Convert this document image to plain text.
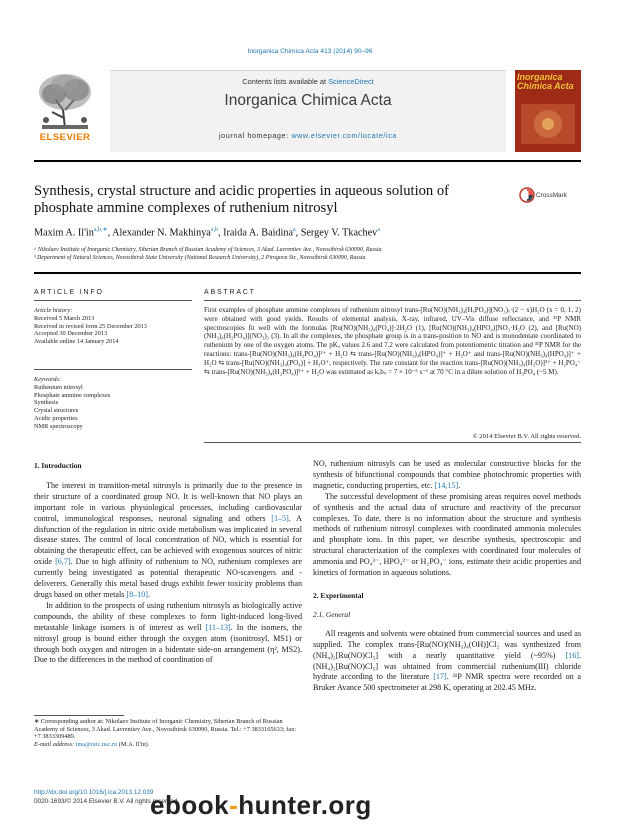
Inorganica Chimica Acta 413 (2014) 90–96
ELSEVIER
Contents lists available at ScienceDirect
Inorganica Chimica Acta
journal homepage: www.elsevier.com/locate/ica
Inorganica Chimica Acta
Synthesis, crystal structure and acidic properties in aqueous solution of phosphate ammine complexes of ruthenium nitrosyl
CrossMark
Maxim A. $Il'in^{a,b,∗}$, Alexander N. Makhinya$^{a,b}$, Iraida A. Baidina$^a$, Sergey V. Tkachev$^a$
ᵃ Nikolaev Institute of Inorganic Chemistry, Siberian Branch of Russian Academy of Sciences, 3 Akad. Lavrentiev Ave., Novosibirsk 630090, Russia
ᵇ Department of Natural Sciences, Novosibirsk State University (National Research University), 2 Pirogova Str., Novosibirsk 630090, Russia
ARTICLE INFO	ABSTRACT
Article history:
Received 5 March 2013
Received in revised form 25 December 2013
Accepted 30 December 2013
Available online 14 January 2014
Keywords:
Ruthenium nitrosyl
Phosphate ammine complexes
Synthesis
Crystal structures
Acidic properties
NMR spectroscopy
First examples of phosphate ammine complexes of ruthenium nitrosyl trans-[Ru(NO)(NH₃)₄(HₓPO₄)](NO₃)ₓ·(2 − x)H₂O (x = 0, 1, 2) were obtained with good yields. Results of elemental analysis, X-ray, infrared, UV–Vis diffuse reflectance, and ³¹P NMR spectroscopies fit well with the formulas [Ru(NO)(NH₃)₄(PO₄)]·2H₂O (1), [Ru(NO)(NH₃)₄(HPO₄)]NO₃·H₂O (2), and [Ru(NO)(NH₃)₄(H₂PO₄)](NO₃)₂ (3). In all the complexes, the phosphate group is in a trans-position to NO and is monodentate coordinated to ruthenium by one of the oxygen atoms. The pKₐ values 2.6 and 7.2 were calculated from potentiometric titration and ³¹P NMR for the reactions: trans-[Ru(NO)(NH₃)₄(H₂PO₄)]²⁺ + H₂O ⇆ trans-[Ru(NO)(NH₃)₄(HPO₄)]⁺ + H₃O⁺ and trans-[Ru(NO)(NH₃)₄(HPO₄)]⁺ + H₂O ⇆ trans-[Ru(NO)(NH₃)₄(PO₄)] + H₃O⁺, respectively. The rate constant for the reaction trans-[Ru(NO)(NH₃)₄(H₂O)]³⁺ + H₂PO₄⁻ ⇆ trans-[Ru(NO)(NH₃)₄(H₂PO₄)]²⁺ + H₂O was estimated as kₒbₛ = 7 × 10⁻⁶ s⁻¹ at 70 °C in a dilute solution of H₃PO₄ (~5 M).
© 2014 Elsevier B.V. All rights reserved.
1. Introduction

The interest in transition-metal nitrosyls is primarily due to the presence in their structure of a coordinated group NO. It is well-known that NO plays an important role in various physiological processes, including cardiovascular control, immunological responses, neuronal signaling and others [1–5]. A disfunction of the regulation in nitric oxide metabolism was implicated in several disease states. The control of local concentration of NO, which is essential for obtaining the therapeutic effect, can be achieved with exogenous sources of nitric oxide [6,7]. Due to high affinity of ruthenium to NO, ruthenium complexes are currently being investigated as potential therapeutic NO-scavengers and -deliverers. Generally this metal based drugs exhibit fewer toxicity problems than drugs based on other metals [8–10].

In addition to the prospects of using ruthenium nitrosyls as biologically active compounds, the ability of these complexes to form light-induced long-lived metastable linkage isomers is of interest as well [11–13]. In the isomers, the nitrosyl group is bound either through the oxygen atom (isonitrosyl, MS1) or through both oxygen and nitrogen in a bidentate side-on arrangement (η², MS2). Due to the differences in the method of coordination of

NO, ruthenium nitrosyls can be used as molecular constructive blocks for the synthesis of bifunctional compounds that combine photochromic properties with magnetic, conducting properties, etc. [14,15].

The successful development of these promising areas requires novel methods of synthesis and the actual data of structure and reactivity of the precursor complexes. To date, there is no information about the structure and synthesis methods of ruthenium nitrosyl complexes with coordinated ammonia molecules and phosphate ions. In this paper, we describe synthesis, spectroscopic and structural characterization of the complexes with coordinated four molecules of ammonia and PO₄³⁻, HPO₄²⁻ or H₂PO₄⁻ ions, estimate their acidic properties and kinetics of formation in aqueous solutions.

2. Experimental
2.1. General

All reagents and solvents were obtained from commercial sources and used as supplied. The complex trans-[Ru(NO)(NH₃)₄(OH)]Cl₂ was synthesized from (NH₄)₂[Ru(NO)Cl₅] with a nearly quantitative yield (~95%) [16]. (NH₄)₂[Ru(NO)Cl₅] was obtained from commercial ruthenium(III) chloride hydrate according to the literature [17]. ³¹P NMR spectra were recorded on a Bruker Avance 500 spectrometer at 298 K, operating at 202.45 MHz.

∗ Corresponding author at: Nikolaev Institute of Inorganic Chemistry, Siberian Branch of Russian Academy of Sciences, 3 Akad. Lavrentiev Ave., Novosibirsk 630090, Russia. Tel.: +7 3833165633; fax: +7 3833309489.
E-mail address: ima@niic.nsc.ru (M.A. Il'in).
http://dx.doi.org/10.1016/j.ica.2013.12.039
0020-1693/© 2014 Elsevier B.V. All rights reserved.
ebook-hunter.org
